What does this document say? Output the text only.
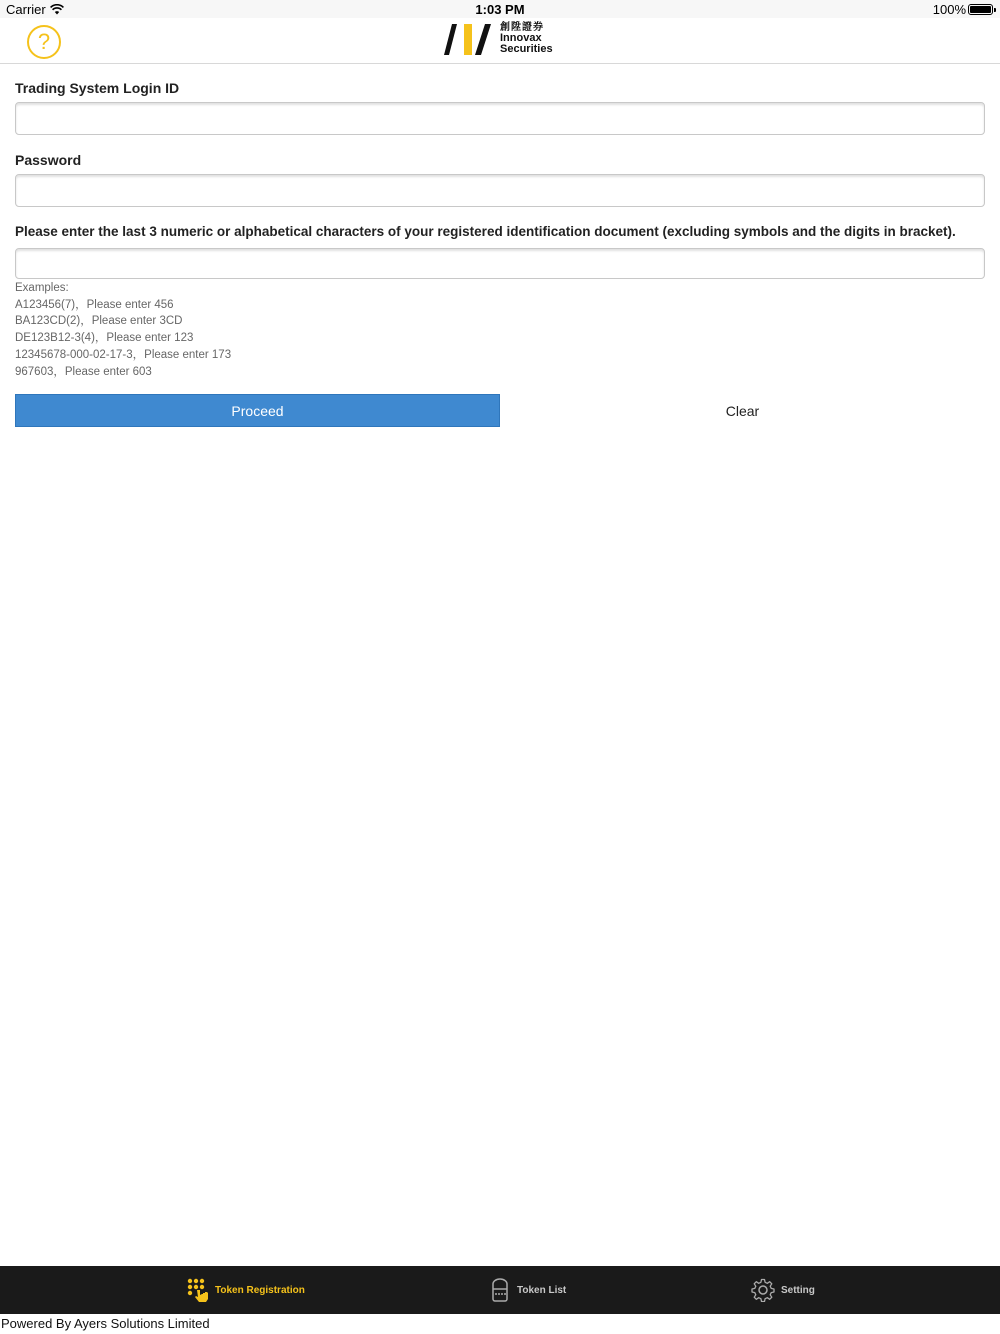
Carrier	1:03 PM	100%
?
創陞證券
Innovax
Securities
Trading System Login ID
Password
Please enter the last 3 numeric or alphabetical characters of your registered identification document (excluding symbols and the digits in bracket).
Examples:
A123456(7)，Please enter 456
BA123CD(2)，Please enter 3CD
DE123B12-3(4)，Please enter 123
12345678-000-02-17-3，Please enter 173
967603，Please enter 603
Proceed	Clear
Token Registration	Token List	Setting
Powered By Ayers Solutions Limited
